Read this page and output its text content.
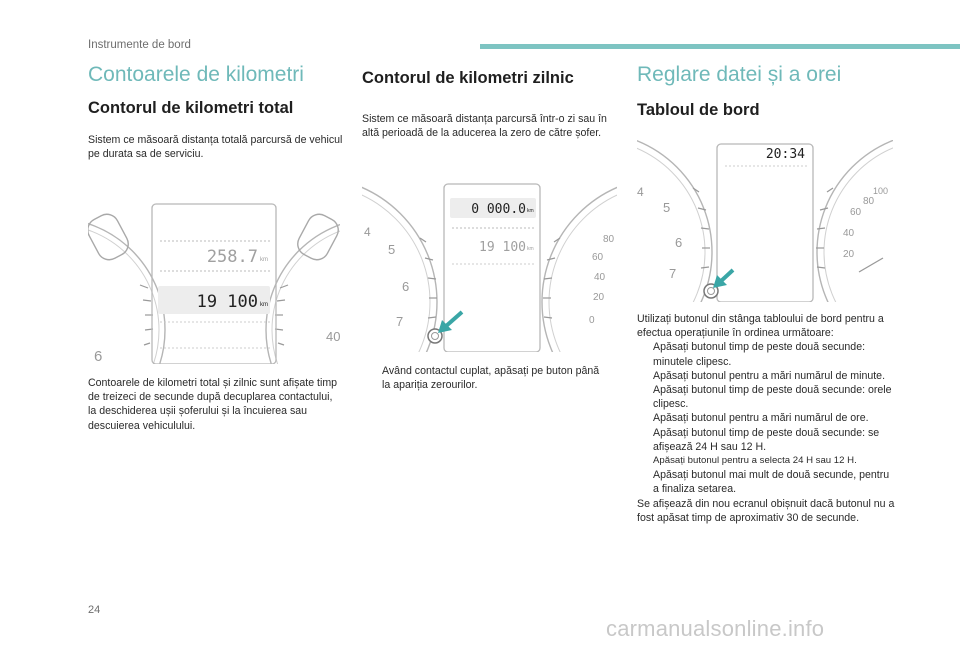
Instrumente de bord
Contoarele de kilometri
Contorul de kilometri total

Sistem ce măsoară distanța totală parcursă de vehicul pe durata sa de serviciu.

6
40
258.7 km
19 100 km

Contoarele de kilometri total și zilnic sunt afișate timp de treizeci de secunde după decuplarea contactului, la deschiderea ușii șoferului și la încuierea sau descuierea vehiculului.

Contorul de kilometri zilnic

Sistem ce măsoară distanța parcursă într-o zi sau în altă perioadă de la aducerea la zero de către șofer.

4
5
6
7
80
60
40
20
0
0 000.0 km
19 100 km
Având contactul cuplat, apăsați pe buton până la apariția zerourilor.
Reglare datei și a orei
Tabloul de bord
4
5
6
7
100
80
60
40
20
20:34

Utilizați butonul din stânga tabloului de bord pentru a efectua operațiunile în ordinea următoare:

Apăsați butonul timp de peste două secunde: minutele clipesc.
Apăsați butonul pentru a mări numărul de minute.
Apăsați butonul timp de peste două secunde: orele clipesc.
Apăsați butonul pentru a mări numărul de ore.
Apăsați butonul timp de peste două secunde: se afișează 24 H sau 12 H.
Apăsați butonul pentru a selecta 24 H sau 12 H.
Apăsați butonul mai mult de două secunde, pentru a finaliza setarea.

Se afișează din nou ecranul obișnuit dacă butonul nu a fost apăsat timp de aproximativ 30 de secunde.

24
carmanualsonline.info
